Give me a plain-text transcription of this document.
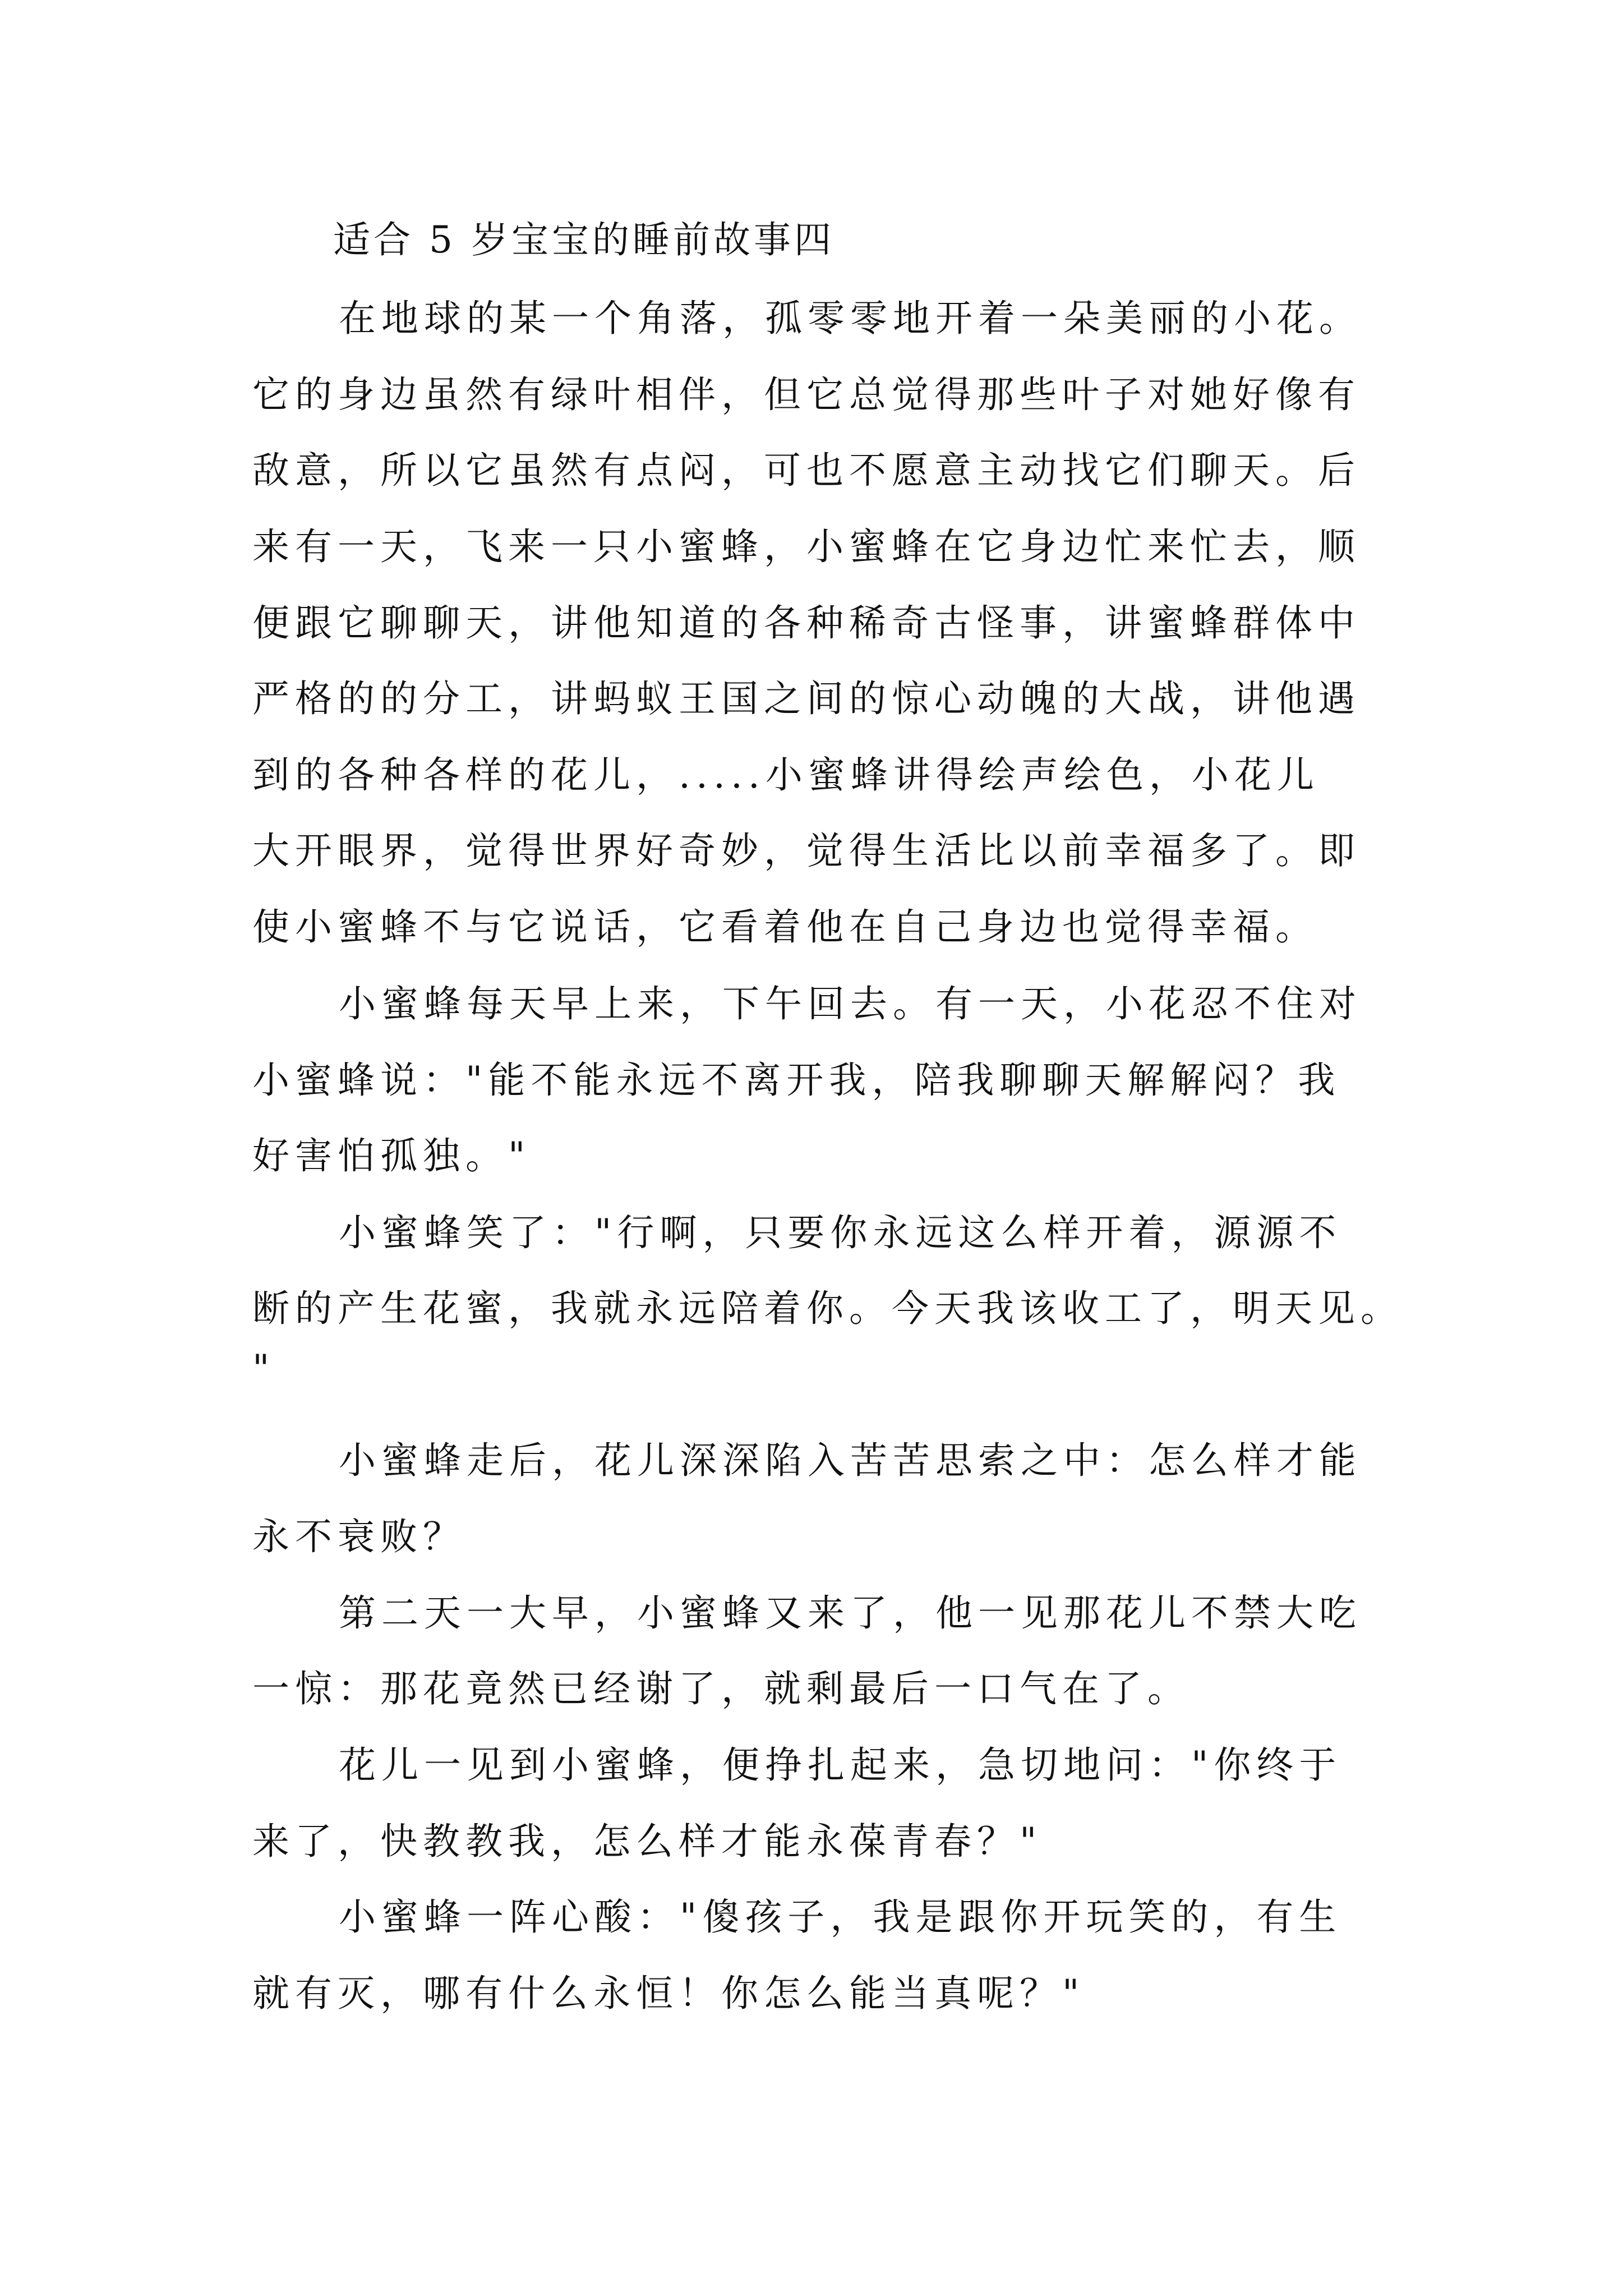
适合 5 岁宝宝的睡前故事四
在地球的某一个角落，孤零零地开着一朵美丽的小花。
它的身边虽然有绿叶相伴，但它总觉得那些叶子对她好像有
敌意，所以它虽然有点闷，可也不愿意主动找它们聊天。后
来有一天，飞来一只小蜜蜂，小蜜蜂在它身边忙来忙去，顺
便跟它聊聊天，讲他知道的各种稀奇古怪事，讲蜜蜂群体中
严格的的分工，讲蚂蚁王国之间的惊心动魄的大战，讲他遇
到的各种各样的花儿，.....小蜜蜂讲得绘声绘色，小花儿
大开眼界，觉得世界好奇妙，觉得生活比以前幸福多了。即
使小蜜蜂不与它说话，它看着他在自己身边也觉得幸福。
小蜜蜂每天早上来，下午回去。有一天，小花忍不住对
小蜜蜂说："能不能永远不离开我，陪我聊聊天解解闷？我
好害怕孤独。"
小蜜蜂笑了："行啊，只要你永远这么样开着，源源不
断的产生花蜜，我就永远陪着你。今天我该收工了，明天见。
"
小蜜蜂走后，花儿深深陷入苦苦思索之中：怎么样才能
永不衰败？
第二天一大早，小蜜蜂又来了，他一见那花儿不禁大吃
一惊：那花竟然已经谢了，就剩最后一口气在了。
花儿一见到小蜜蜂，便挣扎起来，急切地问："你终于
来了，快教教我，怎么样才能永葆青春？"
小蜜蜂一阵心酸："傻孩子，我是跟你开玩笑的，有生
就有灭，哪有什么永恒！你怎么能当真呢？"
